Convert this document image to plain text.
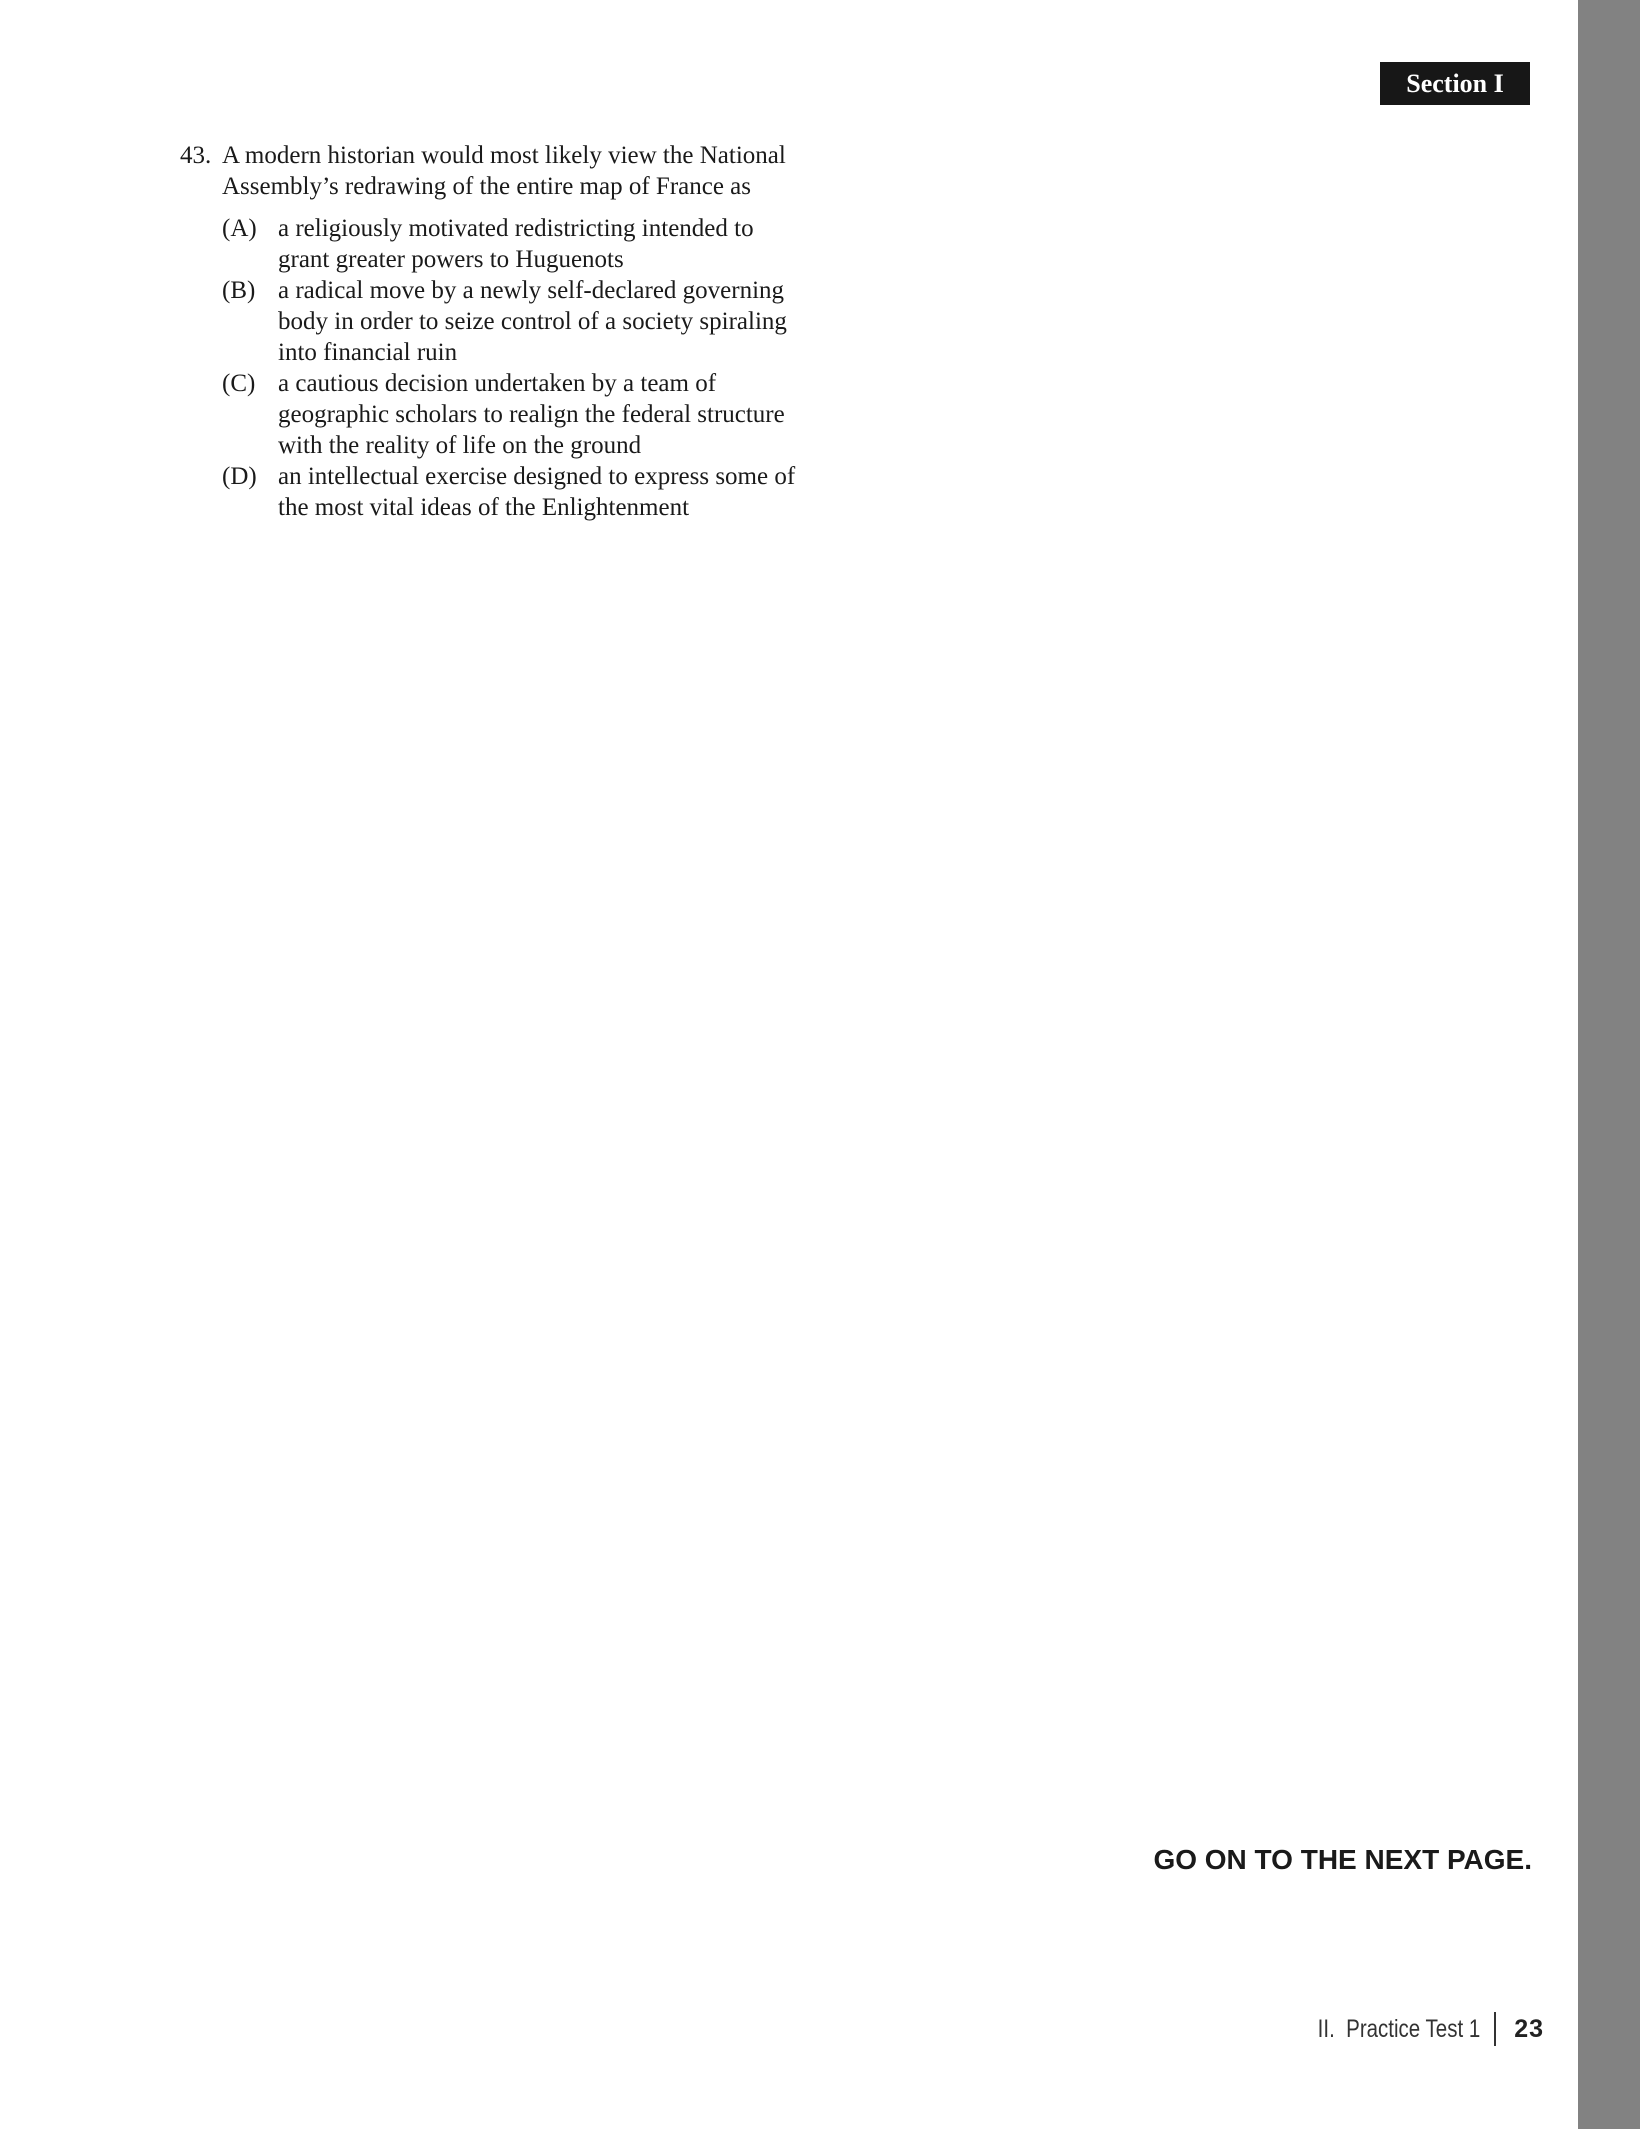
Section I
43. A modern historian would most likely view the National
Assembly’s redrawing of the entire map of France as
(A) a religiously motivated redistricting intended to
grant greater powers to Huguenots
(B) a radical move by a newly self-declared governing
body in order to seize control of a society spiraling
into financial ruin
(C) a cautious decision undertaken by a team of
geographic scholars to realign the federal structure
with the reality of life on the ground
(D) an intellectual exercise designed to express some of
the most vital ideas of the Enlightenment
GO ON TO THE NEXT PAGE.
II.  Practice Test 1 23
